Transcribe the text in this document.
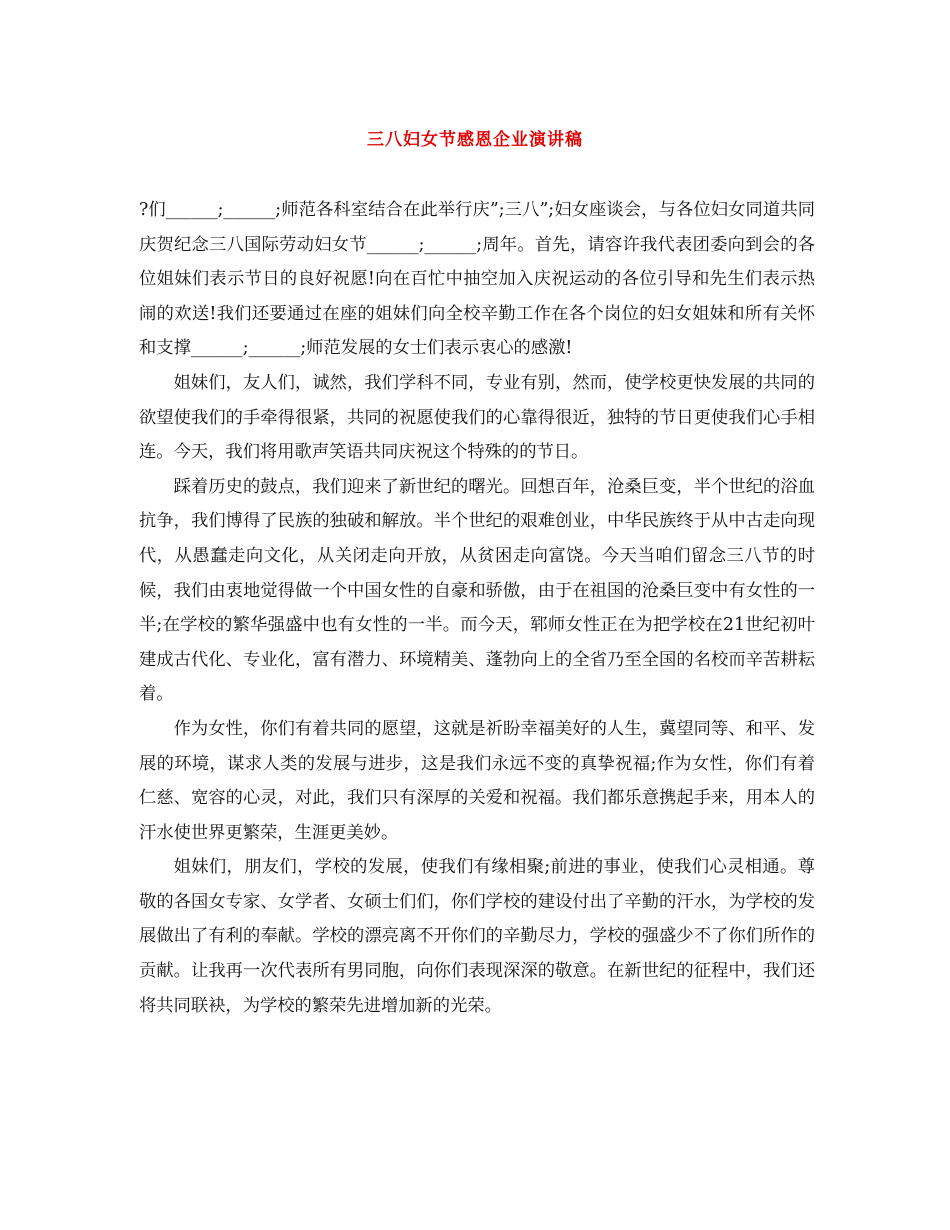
三八妇女节感恩企业演讲稿

?们______;______;师范各科室结合在此举行庆”;三八”;妇女座谈会，与各位妇女同道共同庆贺纪念三八国际劳动妇女节______;______;周年。首先，请容许我代表团委向到会的各位姐妹们表示节日的良好祝愿!向在百忙中抽空加入庆祝运动的各位引导和先生们表示热闹的欢送!我们还要通过在座的姐妹们向全校辛勤工作在各个岗位的妇女姐妹和所有关怀和支撑______;______;师范发展的女士们表示衷心的感激!

姐妹们，友人们，诚然，我们学科不同，专业有别，然而，使学校更快发展的共同的欲望使我们的手牵得很紧，共同的祝愿使我们的心靠得很近，独特的节日更使我们心手相连。今天，我们将用歌声笑语共同庆祝这个特殊的的节日。

踩着历史的鼓点，我们迎来了新世纪的曙光。回想百年，沧桑巨变，半个世纪的浴血抗争，我们博得了民族的独破和解放。半个世纪的艰难创业，中华民族终于从中古走向现代，从愚蠢走向文化，从关闭走向开放，从贫困走向富饶。今天当咱们留念三八节的时候，我们由衷地觉得做一个中国女性的自豪和骄傲，由于在祖国的沧桑巨变中有女性的一半;在学校的繁华强盛中也有女性的一半。而今天，郓师女性正在为把学校在21世纪初叶建成古代化、专业化，富有潜力、环境精美、蓬勃向上的全省乃至全国的名校而辛苦耕耘着。

作为女性，你们有着共同的愿望，这就是祈盼幸福美好的人生，冀望同等、和平、发展的环境，谋求人类的发展与进步，这是我们永远不变的真挚祝福;作为女性，你们有着仁慈、宽容的心灵，对此，我们只有深厚的关爱和祝福。我们都乐意携起手来，用本人的汗水使世界更繁荣，生涯更美妙。

姐妹们，朋友们，学校的发展，使我们有缘相聚;前进的事业，使我们心灵相通。尊敬的各国女专家、女学者、女硕士们们，你们学校的建设付出了辛勤的汗水，为学校的发展做出了有利的奉献。学校的漂亮离不开你们的辛勤尽力，学校的强盛少不了你们所作的贡献。让我再一次代表所有男同胞，向你们表现深深的敬意。在新世纪的征程中，我们还将共同联袂，为学校的繁荣先进增加新的光荣。
